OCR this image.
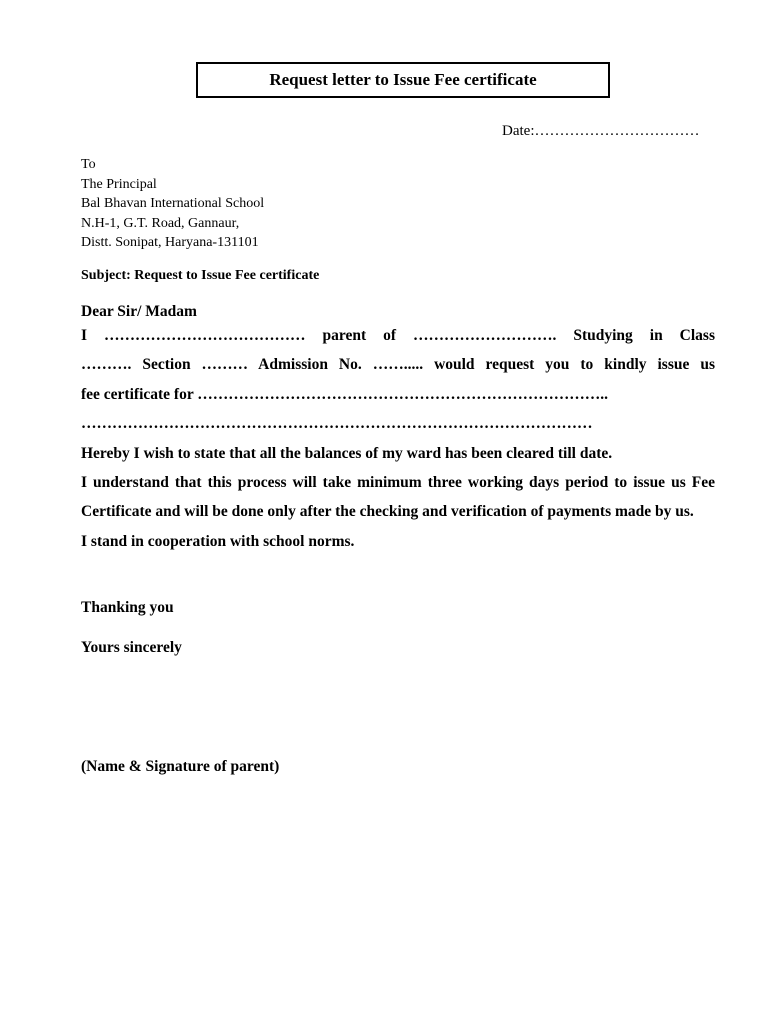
Request letter to Issue Fee certificate
Date:……………………………
To
The Principal
Bal Bhavan International School
N.H-1, G.T. Road, Gannaur,
Distt. Sonipat, Haryana-131101
Subject: Request to Issue Fee certificate
Dear Sir/ Madam

I ………………………………… parent of ………………………. Studying in Class

………. Section ……… Admission No. ……..... would request you to kindly issue us

fee certificate for ……………………………………………………………………..

………………………………………………………………………………………

Hereby I wish to state that all the balances of my ward has been cleared till date.

I understand that this process will take minimum three working days period to issue us Fee Certificate and will be done only after the checking and verification of payments made by us.

I stand in cooperation with school norms.

Thanking you
Yours sincerely
(Name & Signature of parent)
